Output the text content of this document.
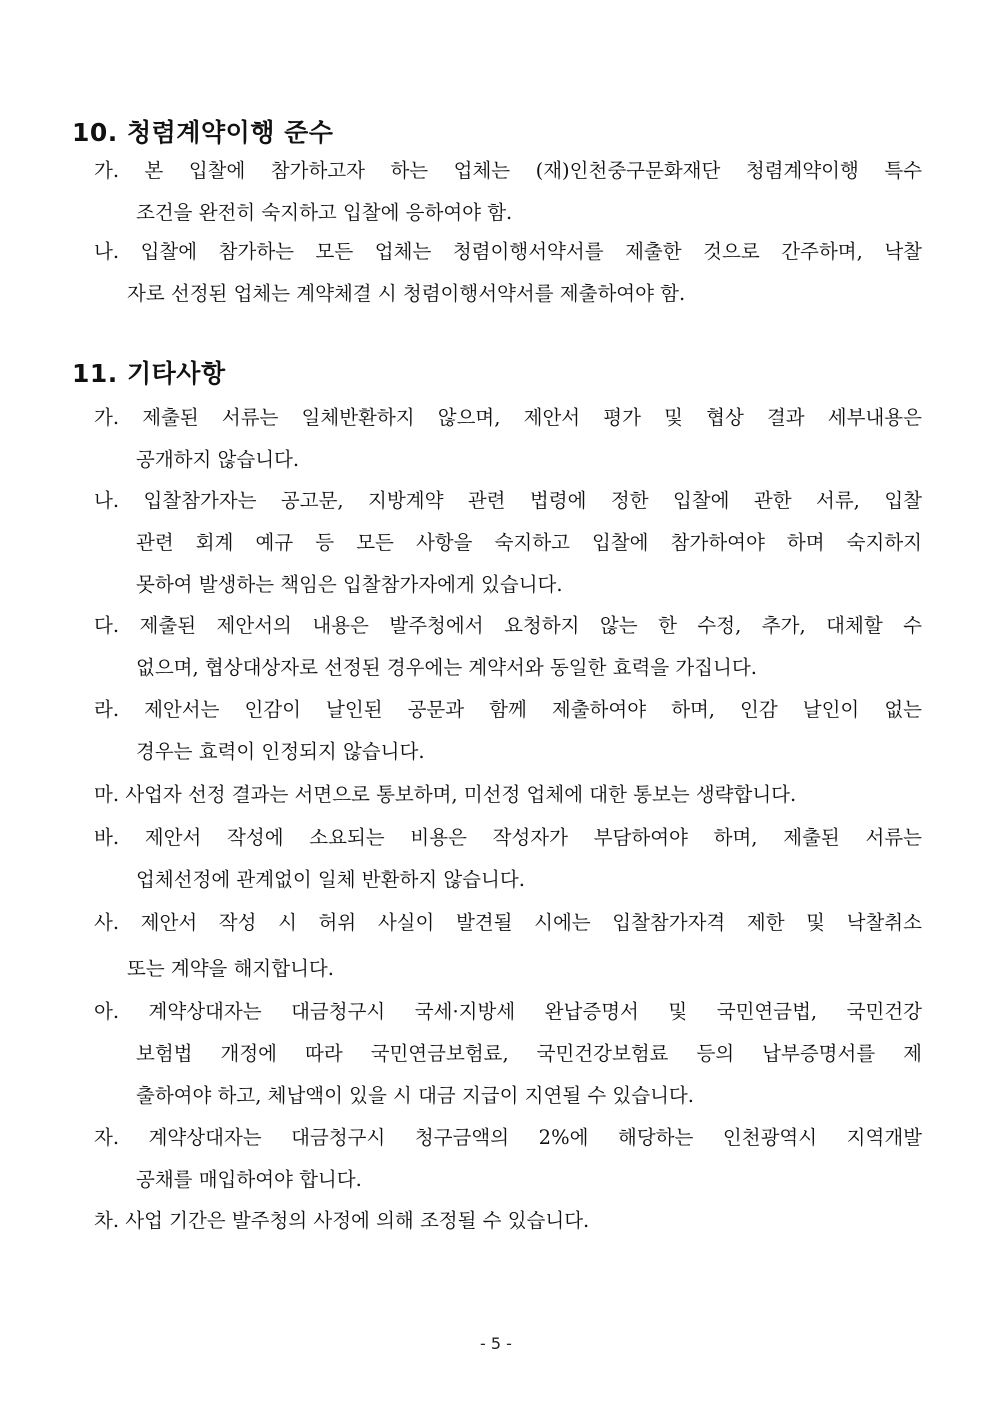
10. 청렴계약이행 준수
가. 본 입찰에 참가하고자 하는 업체는 (재)인천중구문화재단 청렴계약이행 특수
조건을 완전히 숙지하고 입찰에 응하여야 함.
나. 입찰에 참가하는 모든 업체는 청렴이행서약서를 제출한 것으로 간주하며, 낙찰
자로 선정된 업체는 계약체결 시 청렴이행서약서를 제출하여야 함.
11. 기타사항
가. 제출된 서류는 일체반환하지 않으며, 제안서 평가 및 협상 결과 세부내용은
공개하지 않습니다.
나. 입찰참가자는 공고문, 지방계약 관련 법령에 정한 입찰에 관한 서류, 입찰
관련 회계 예규 등 모든 사항을 숙지하고 입찰에 참가하여야 하며 숙지하지
못하여 발생하는 책임은 입찰참가자에게 있습니다.
다. 제출된 제안서의 내용은 발주청에서 요청하지 않는 한 수정, 추가, 대체할 수
없으며, 협상대상자로 선정된 경우에는 계약서와 동일한 효력을 가집니다.
라. 제안서는 인감이 날인된 공문과 함께 제출하여야 하며, 인감 날인이 없는
경우는 효력이 인정되지 않습니다.
마. 사업자 선정 결과는 서면으로 통보하며, 미선정 업체에 대한 통보는 생략합니다.
바. 제안서 작성에 소요되는 비용은 작성자가 부담하여야 하며, 제출된 서류는
업체선정에 관계없이 일체 반환하지 않습니다.
사. 제안서 작성 시 허위 사실이 발견될 시에는 입찰참가자격 제한 및 낙찰취소
또는 계약을 해지합니다.
아. 계약상대자는 대금청구시 국세·지방세 완납증명서 및 국민연금법, 국민건강
보험법 개정에 따라 국민연금보험료, 국민건강보험료 등의 납부증명서를 제
출하여야 하고, 체납액이 있을 시 대금 지급이 지연될 수 있습니다.
자. 계약상대자는 대금청구시 청구금액의 2%에 해당하는 인천광역시 지역개발
공채를 매입하여야 합니다.
차. 사업 기간은 발주청의 사정에 의해 조정될 수 있습니다.
- 5 -
